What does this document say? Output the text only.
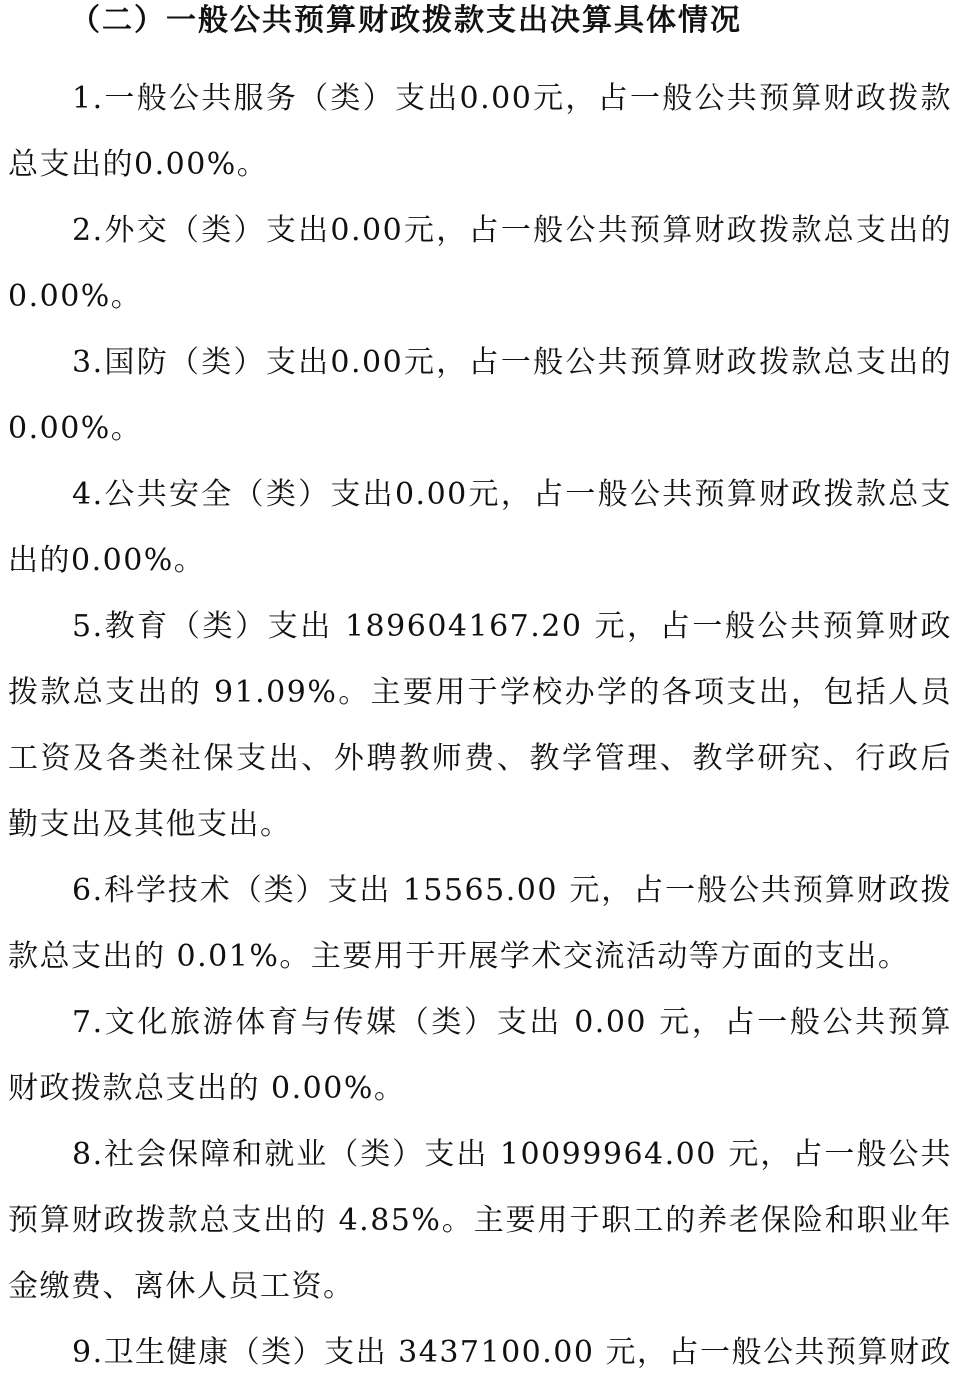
（二）一般公共预算财政拨款支出决算具体情况

1.一般公共服务（类）支出0.00元，占一般公共预算财政拨款总支出的0.00%。

2.外交（类）支出0.00元，占一般公共预算财政拨款总支出的0.00%。

3.国防（类）支出0.00元，占一般公共预算财政拨款总支出的0.00%。

4.公共安全（类）支出0.00元，占一般公共预算财政拨款总支出的0.00%。

5.教育（类）支出 189604167.20 元，占一般公共预算财政拨款总支出的 91.09%。主要用于学校办学的各项支出，包括人员工资及各类社保支出、外聘教师费、教学管理、教学研究、行政后勤支出及其他支出。

6.科学技术（类）支出 15565.00 元，占一般公共预算财政拨款总支出的 0.01%。主要用于开展学术交流活动等方面的支出。

7.文化旅游体育与传媒（类）支出 0.00 元，占一般公共预算财政拨款总支出的 0.00%。

8.社会保障和就业（类）支出 10099964.00 元，占一般公共预算财政拨款总支出的 4.85%。主要用于职工的养老保险和职业年金缴费、离休人员工资。

9.卫生健康（类）支出 3437100.00 元，占一般公共预算财政
